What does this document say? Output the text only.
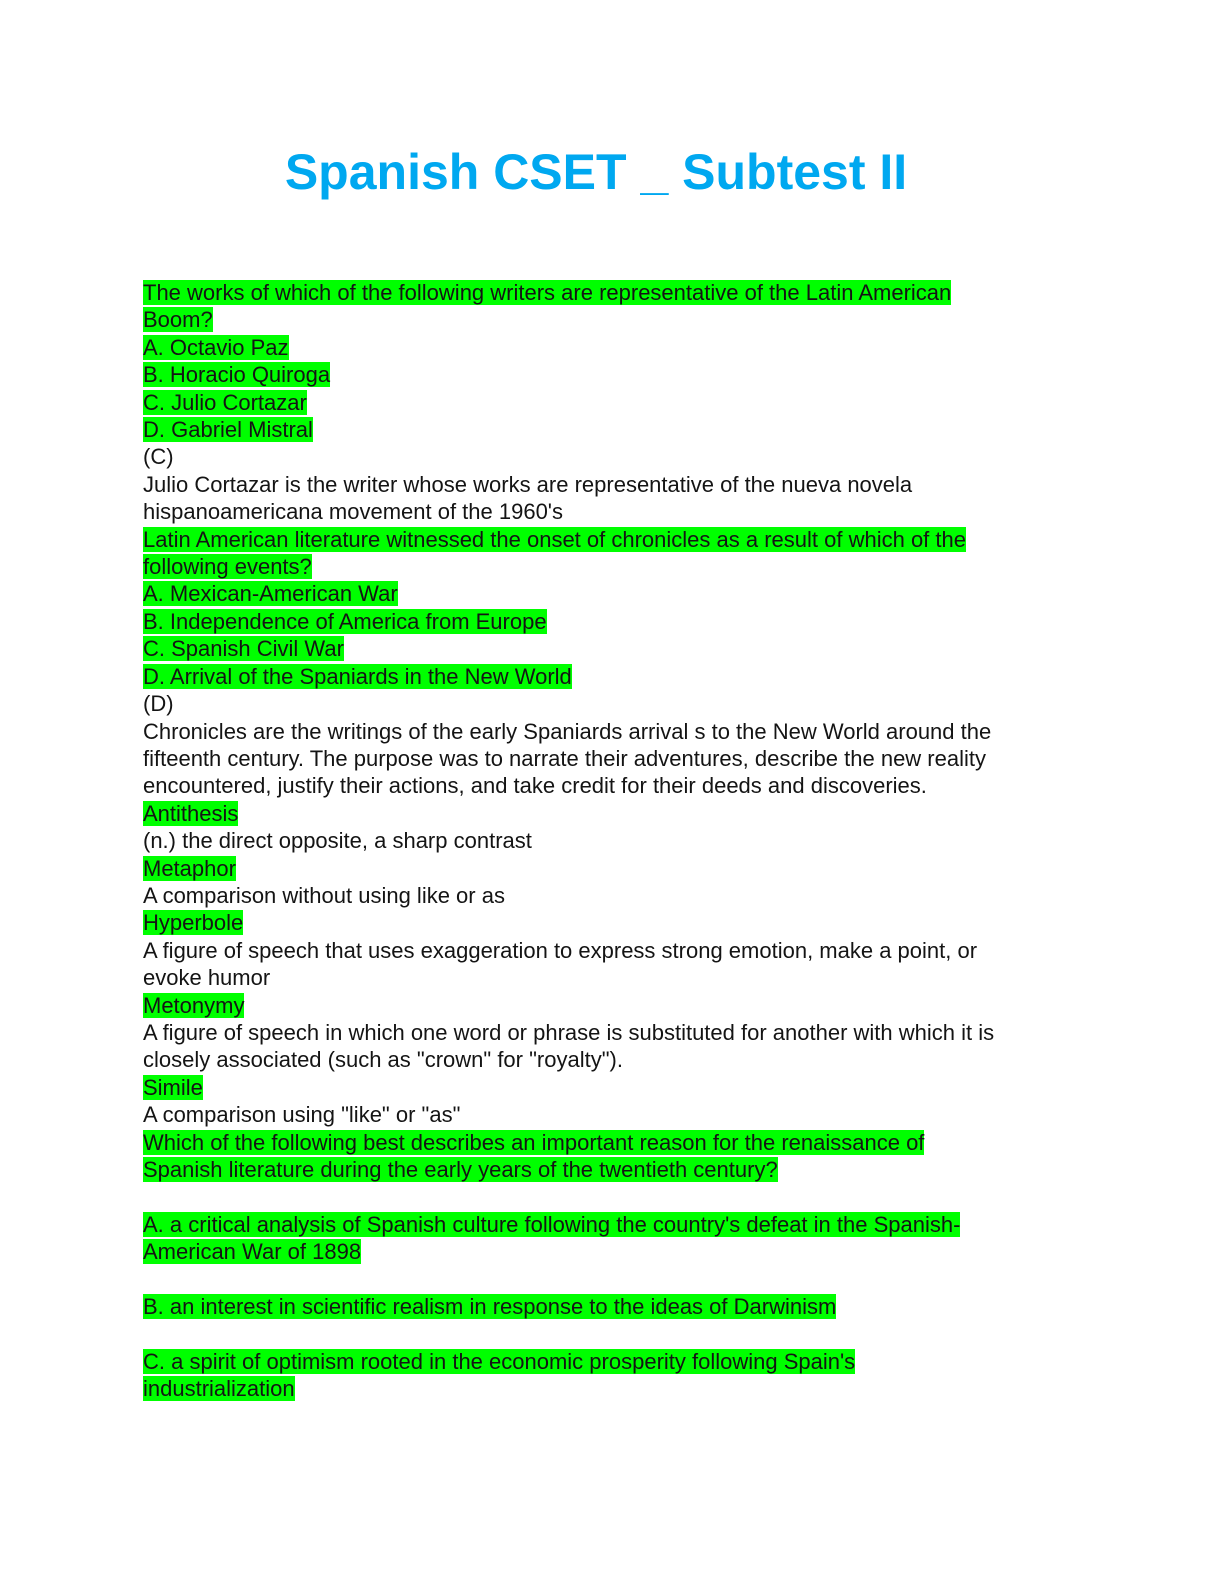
Spanish CSET _ Subtest II
The works of which of the following writers are representative of the Latin American
Boom?
A. Octavio Paz
B. Horacio Quiroga
C. Julio Cortazar
D. Gabriel Mistral
(C)
Julio Cortazar is the writer whose works are representative of the nueva novela
hispanoamericana movement of the 1960's
Latin American literature witnessed the onset of chronicles as a result of which of the
following events?
A. Mexican-American War
B. Independence of America from Europe
C. Spanish Civil War
D. Arrival of the Spaniards in the New World
(D)
Chronicles are the writings of the early Spaniards arrival s to the New World around the
fifteenth century. The purpose was to narrate their adventures, describe the new reality
encountered, justify their actions, and take credit for their deeds and discoveries.
Antithesis
(n.) the direct opposite, a sharp contrast
Metaphor
A comparison without using like or as
Hyperbole
A figure of speech that uses exaggeration to express strong emotion, make a point, or
evoke humor
Metonymy
A figure of speech in which one word or phrase is substituted for another with which it is
closely associated (such as "crown" for "royalty").
Simile
A comparison using "like" or "as"
Which of the following best describes an important reason for the renaissance of
Spanish literature during the early years of the twentieth century?
A. a critical analysis of Spanish culture following the country's defeat in the Spanish-
American War of 1898
B. an interest in scientific realism in response to the ideas of Darwinism
C. a spirit of optimism rooted in the economic prosperity following Spain's
industrialization
